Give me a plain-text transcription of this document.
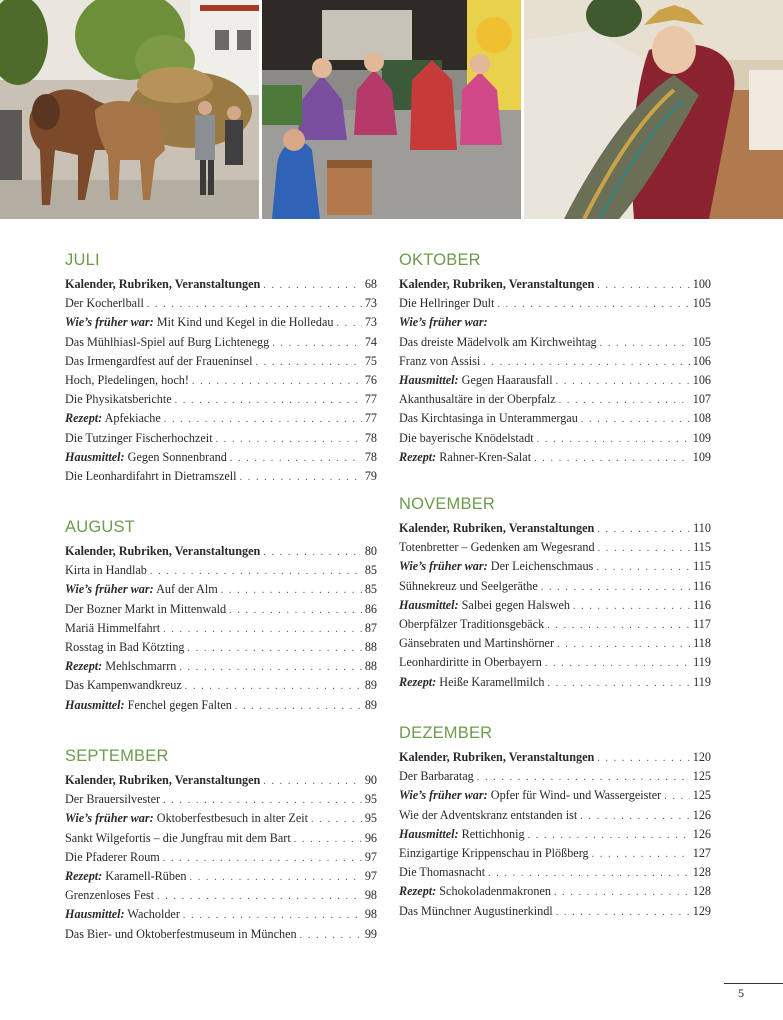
JULI
Kalender, Rubriken, Veranstaltungen . . .	68
Der Kocherlball . . .	73
Wie’s früher war: Mit Kind und Kegel in die Holledau . . .	73
Das Mühlhiasl-Spiel auf Burg Lichtenegg . . .	74
Das Irmengardfest auf der Fraueninsel . . .	75
Hoch, Pledelingen, hoch! . . .	76
Die Physikatsberichte . . .	77
Rezept: Apfekiache . . .	77
Die Tutzinger Fischerhochzeit . . .	78
Hausmittel: Gegen Sonnenbrand . . .	78
Die Leonhardifahrt in Dietramszell . . .	79
AUGUST
Kalender, Rubriken, Veranstaltungen . . .	80
Kirta in Handlab . . .	85
Wie’s früher war: Auf der Alm . . .	85
Der Bozner Markt in Mittenwald . . .	86
Mariä Himmelfahrt . . .	87
Rosstag in Bad Kötzting . . .	88
Rezept: Mehlschmarrn . . .	88
Das Kampenwandkreuz . . .	89
Hausmittel: Fenchel gegen Falten . . .	89
SEPTEMBER
Kalender, Rubriken, Veranstaltungen . . .	90
Der Brauersilvester . . .	95
Wie’s früher war: Oktoberfestbesuch in alter Zeit . . .	95
Sankt Wilgefortis – die Jungfrau mit dem Bart . . .	96
Die Pfaderer Roum . . .	97
Rezept: Karamell-Rüben . . .	97
Grenzenloses Fest . . .	98
Hausmittel: Wacholder . . .	98
Das Bier- und Oktoberfestmuseum in München . . .	99
OKTOBER
Kalender, Rubriken, Veranstaltungen . . .	100
Die Hellringer Dult . . .	105
Wie’s früher war:
Das dreiste Mädelvolk am Kirchweihtag . . .	105
Franz von Assisi . . .	106
Hausmittel: Gegen Haarausfall . . .	106
Akanthusaltäre in der Oberpfalz . . .	107
Das Kirchtasinga in Unterammergau . . .	108
Die bayerische Knödelstadt . . .	109
Rezept: Rahner-Kren-Salat . . .	109
NOVEMBER
Kalender, Rubriken, Veranstaltungen . . .	110
Totenbretter – Gedenken am Wegesrand . . .	115
Wie’s früher war: Der Leichenschmaus . . .	115
Sühnekreuz und Seelgeräthe . . .	116
Hausmittel: Salbei gegen Halsweh . . .	116
Oberpfälzer Traditionsgebäck . . .	117
Gänsebraten und Martinshörner . . .	118
Leonhardiritte in Oberbayern . . .	119
Rezept: Heiße Karamellmilch . . .	119
DEZEMBER
Kalender, Rubriken, Veranstaltungen . . .	120
Der Barbaratag . . .	125
Wie’s früher war: Opfer für Wind- und Wassergeister . . .	125
Wie der Adventskranz entstanden ist . . .	126
Hausmittel: Rettichhonig . . .	126
Einzigartige Krippenschau in Plößberg . . .	127
Die Thomasnacht . . .	128
Rezept: Schokoladenmakronen . . .	128
Das Münchner Augustinerkindl . . .	129
5
